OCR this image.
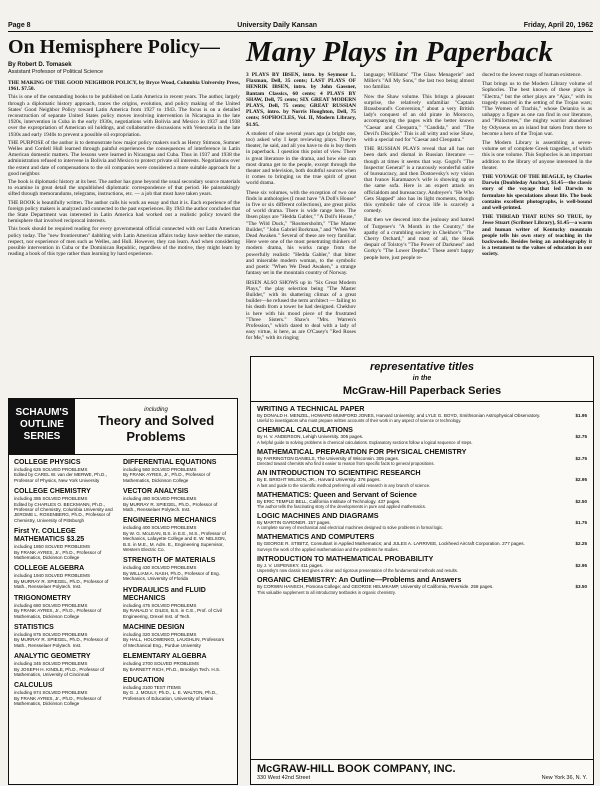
Page 8	University Daily Kansan	Friday, April 20, 1962
On Hemisphere Policy—

By Robert D. Tomasek

Assistant Professor of Political Science

THE MAKING OF THE GOOD NEIGHBOR POLICY, by Bryce Wood, Columbia University Press, 1961. $7.50.

This is one of the outstanding books to be published on Latin America in recent years. The author, largely through a diplomatic history approach, traces the origins, evolution, and policy making of the United States' Good Neighbor Policy toward Latin America from 1927 to 1943. The focus is on a detailed reconstruction of separate United States policy moves involving intervention in Nicaragua in the late 1920s, intervention in Cuba in the early 1930s, negotiations with Bolivia and Mexico in 1937 and 1938 over the expropriation of American oil holdings, and collaborative discussions with Venezuela in the late 1930s and early 1940s to prevent a possible oil expropriation.

THE PURPOSE of the author is to demonstrate how major policy makers such as Henry Stimson, Sumner Welles and Cordell Hull learned through painful experiences the consequences of interference in Latin American domestic matters. The lessons were learned in Nicaragua and Cuba. Thus in 1937 and 1938 the administration refused to intervene in Bolivia and Mexico to protect private oil interests. Negotiations over the extent and date of compensations to the oil companies were considered a more suitable approach for a good neighbor.

The book is diplomatic history at its best. The author has gone beyond the usual secondary source materials to examine in great detail the unpublished diplomatic correspondence of that period. He painstakingly sifted through memorandums, telegrams, instructions, etc. — a job that must have taken years.

THE BOOK is beautifully written. The author calls his work an essay and that it is. Each experience of the foreign policy makers is analyzed and connected to the past experiences. By 1943 the author concludes that the State Department was interested in Latin America had worked out a realistic policy toward the hemisphere that involved reciprocal interests.

This book should be required reading for every governmental official connected with our Latin American policy today. The "new frontiersmen" dabbling with Latin American affairs today have neither the stature, respect, nor experience of men such as Welles, and Hull. However, they can learn. And when considering possible intervention in Cuba or the Dominican Republic, regardless of the motive, they might learn by reading a book of this type rather than learning by hard experience.

Many Plays in Paperback

3 PLAYS BY IBSEN, intro. by Seymour L. Flaxman, Dell, 35 cents; LAST PLAYS OF HENRIK IBSEN, intro. by John Gassner, Bantam Classics, 60 cents; 4 PLAYS BY SHAW, Dell, 75 cents; SIX GREAT MODERN PLAYS, Dell, 75 cents; GREAT RUSSIAN PLAYS, intro. by Norris Houghton, Dell, 75 cents; SOPHOCLES, Vol. II, Modern Library, $1.95.

A student of nine several years ago (a bright one, too) asked why I kept reviewing plays. They're theater, he said, and all you have to do is buy them in paperback. I question this point of view. There is great literature in the drama, and how else can most drama get to the people, except through the theater and television, both doubtful sources when it comes to bringing us the true spirit of great world drama.

These six volumes, with the exception of two one finds in anthologies (I must have "A Doll's House" in five or six different collections), are great picks of world drama. There is wide range here. The Ibsen plays are "Hedda Gabler," "A Doll's House," "The Wild Duck," "Rosmersholm," "The Master Builder," "John Gabriel Borkman," and "When We Dead Awaken." Several of these are very familiar. Here were one of the most penetrating thinkers of modern drama, his works range from the powerfully realistic "Hedda Gabler," that bitter and miserable modern woman, to the symbolic and poetic "When We Dead Awaken," a strange fantasy set in the mountain country of Norway.

IBSEN ALSO SHOWS up in "Six Great Modern Plays," the play selection being "The Master Builder," with its shattering climax of a great builder—he refused the term architect — failing to his death from a tower he had designed. Chekhov is here with his mood piece of the frustrated "Three Sisters." Shaw's "Mrs. Warren's Profession," which dared to deal with a lady of easy virtue, is here, as are O'Casey's "Red Roses for Me," with its ringing

language; Williams' "The Glass Menagerie" and Miller's "All My Sons," the last two being almost too familiar.

Now the Shaw volume. This brings a pleasant surprise, the relatively unfamiliar "Captain Brassbound's Conversion," about a very British lady's conquest of an old pirate in Morocco, accompanying the pages with the better known "Caesar and Cleopatra," "Candida," and "The Devil's Disciple." This is all witty and wise Shaw, with a special nod for "Caesar and Cleopatra."

THE RUSSIAN PLAYS reveal that all has not been dark and dismal in Russian literature — though at times it seems that way. Gogol's "The Inspector General" is a raucously wonderful satire of bureaucracy, and then Dostoevsky's wry vision that Ivanov Karamazov's wife is showing up on the same sofa. Here is an expert attack on officialdom and bureaucracy. Andreyev's "He Who Gets Slapped" also has its light moments, though this symbolic tale of circus life is scarcely a comedy.

But then we descend into the jealousy and hatred of Turgenev's "A Month in the Country," the apathy of a crumbling society in Chekhov's "The Cherry Orchard," and most of all, the bleak despair of Tolstoy's "The Power of Darkness" and Gorky's "The Lower Depths." These aren't happy people here, just people re-

duced to the lowest rungs of human existence.

That brings us to the Modern Library volume of Sophocles. The best known of these plays is "Electra," but the other plays are "Ajax," with its tragedy enacted in the setting of the Trojan wars; "The Women of Trachis," whose Deianira is as unhappy a figure as one can find in our literature, and "Philoctetes," the mighty warrior abandoned by Odysseus on an island but taken from there to become a hero of the Trojan war.

The Modern Library is assembling a seven-volume set of complete Greek tragedies, of which this is one volume. This Sophocles is an important addition to the library of anyone interested in the theater.

THE VOYAGE OF THE BEAGLE, by Charles Darwin (Doubleday Anchor), $1.45—the classic story of the voyage that led Darwin to formulate his speculations about life. The book contains excellent photographs, is well-bound and well-printed.

THE THREAD THAT RUNS SO TRUE, by Jesse Stuart (Scribner Library), $1.45—a warm and human writer of Kentucky mountain people tells his own story of teaching in the backwoods. Besides being an autobiography it is a testament to the values of education in our society.

SCHAUM'S OUTLINE SERIES
including
Theory and Solved Problems
COLLEGE PHYSICS
including 625 SOLVED PROBLEMS
Edited by CAREL W. van der MERWE, Ph.D., Professor of Physics, New York University
COLLEGE CHEMISTRY
including 385 SOLVED PROBLEMS
Edited by CHARLES O. BECKMANN, Ph.D., Professor of Chemistry, Columbia University and JEROME L. ROSENBERG, Ph.D., Professor of Chemistry, University of Pittsburgh
First Yr. COLLEGE MATHEMATICS $3.25
including 1850 SOLVED PROBLEMS
By FRANK AYRES, Jr., Ph.D., Professor of Mathematics, Dickinson College
COLLEGE ALGEBRA
including 1940 SOLVED PROBLEMS
By MURRAY R. SPIEGEL, Ph.D., Professor of Math., Rensselaer Polytech. Inst.
TRIGONOMETRY
including 680 SOLVED PROBLEMS
By FRANK AYRES, Jr., Ph.D., Professor of Mathematics, Dickinson College
STATISTICS
including 875 SOLVED PROBLEMS
By MURRAY R. SPIEGEL, Ph.D., Professor of Math., Rensselaer Polytech. Inst.
ANALYTIC GEOMETRY
including 345 SOLVED PROBLEMS
By JOSEPH H. KINDLE, Ph.D., Professor of Mathematics, University of Cincinnati
CALCULUS
including 974 SOLVED PROBLEMS
By FRANK AYRES, Jr., Ph.D., Professor of Mathematics, Dickinson College
DIFFERENTIAL EQUATIONS
including 560 SOLVED PROBLEMS
By FRANK AYRES, Jr., Ph.D., Professor of Mathematics, Dickinson College
VECTOR ANALYSIS
including 480 SOLVED PROBLEMS
By MURRAY R. SPIEGEL, Ph.D., Professor of Math., Rensselaer Polytech. Inst.
ENGINEERING MECHANICS
including 400 SOLVED PROBLEMS
By W. G. McLEAN, B.S. in E.E., M.S., Professor of Mechanics, Lafayette College and E. W. NELSON, B.S. in M.E., M. Adm. E., Engineering Supervisor, Western Electric Co.
STRENGTH OF MATERIALS
including 430 SOLVED PROBLEMS
By WILLIAM A. NASH, Ph.D., Professor of Eng. Mechanics, University of Florida
HYDRAULICS and FLUID MECHANICS
including 475 SOLVED PROBLEMS
By RANALD V. GILES, B.S. in C.E., Prof. of Civil Engineering, Drexel Inst. of Tech.
MACHINE DESIGN
including 320 SOLVED PROBLEMS
By HALL, HOLOWENKO, LAUGHLIN, Professors of Mechanical Eng., Purdue University
ELEMENTARY ALGEBRA
including 2700 SOLVED PROBLEMS
By BARNETT RICH, Ph.D., Brooklyn Tech. H.S.
EDUCATION
including 3100 TEST ITEMS
By G. J. MOULY, Ph.D., L. E. WALTON, Ph.D., Professors of Education, University of Miami
representative titles
in the
McGraw-Hill Paperback Series
WRITING A TECHNICAL PAPER
By DONALD H. MENZEL, HOWARD MUMFORD JONES, Harvard University; and LYLE G. BOYD, Smithsonian Astrophysical Observatory.	$1.95
Useful to investigators who must prepare written accounts of their work in any aspect of science or technology.
CHEMICAL CALCULATIONS
By H. V. ANDERSON, Lehigh University. 305 pages.	$2.75
A helpful guide to solving problems in chemical calculations. Explanatory sections follow a logical sequence of steps.
MATHEMATICAL PREPARATION FOR PHYSICAL CHEMISTRY
By FARRINGTON DANIELS, The University of Wisconsin. 305 pages.	$2.75
Directed toward chemists who find it easier to reason from specific facts to general propositions.
AN INTRODUCTION TO SCIENTIFIC RESEARCH
By E. BRIGHT WILSON, JR., Harvard University. 376 pages.	$2.95
A fast and guide to the scientific method preferring all valid research in any branch of science.
MATHEMATICS: Queen and Servant of Science
By ERIC TEMPLE BELL, California Institute of Technology. 437 pages.	$2.50
The author tells the fascinating story of the developments in pure and applied mathematics.
LOGIC MACHINES AND DIAGRAMS
By MARTIN GARDNER. 157 pages.	$1.75
A complete survey of mechanical and electrical machines designed to solve problems in formal logic.
MATHEMATICS AND COMPUTERS
By GEORGE R. STIBITZ, Consultant in Applied Mathematics; and JULES A. LARRIVEE, Lockheed Aircraft Corporation. 277 pages.	$2.25
Surveys the work of the applied mathematician and the problems he studies.
INTRODUCTION TO MATHEMATICAL PROBABILITY
By J. V. USPENSKY. 411 pages.	$2.95
Uspensky's now classic text gives a clear and rigorous presentation of the fundamental methods and results.
ORGANIC CHEMISTRY: An Outline—Problems and Answers
By CORWIN HANSCH, Pomona College; and GEORGE HELMKAMP, University of California, Riverside. 258 pages.	$3.50
This valuable supplement to all introductory textbooks in organic chemistry.
McGRAW-HILL BOOK COMPANY, INC.
330 West 42nd Street	New York 36, N. Y.
